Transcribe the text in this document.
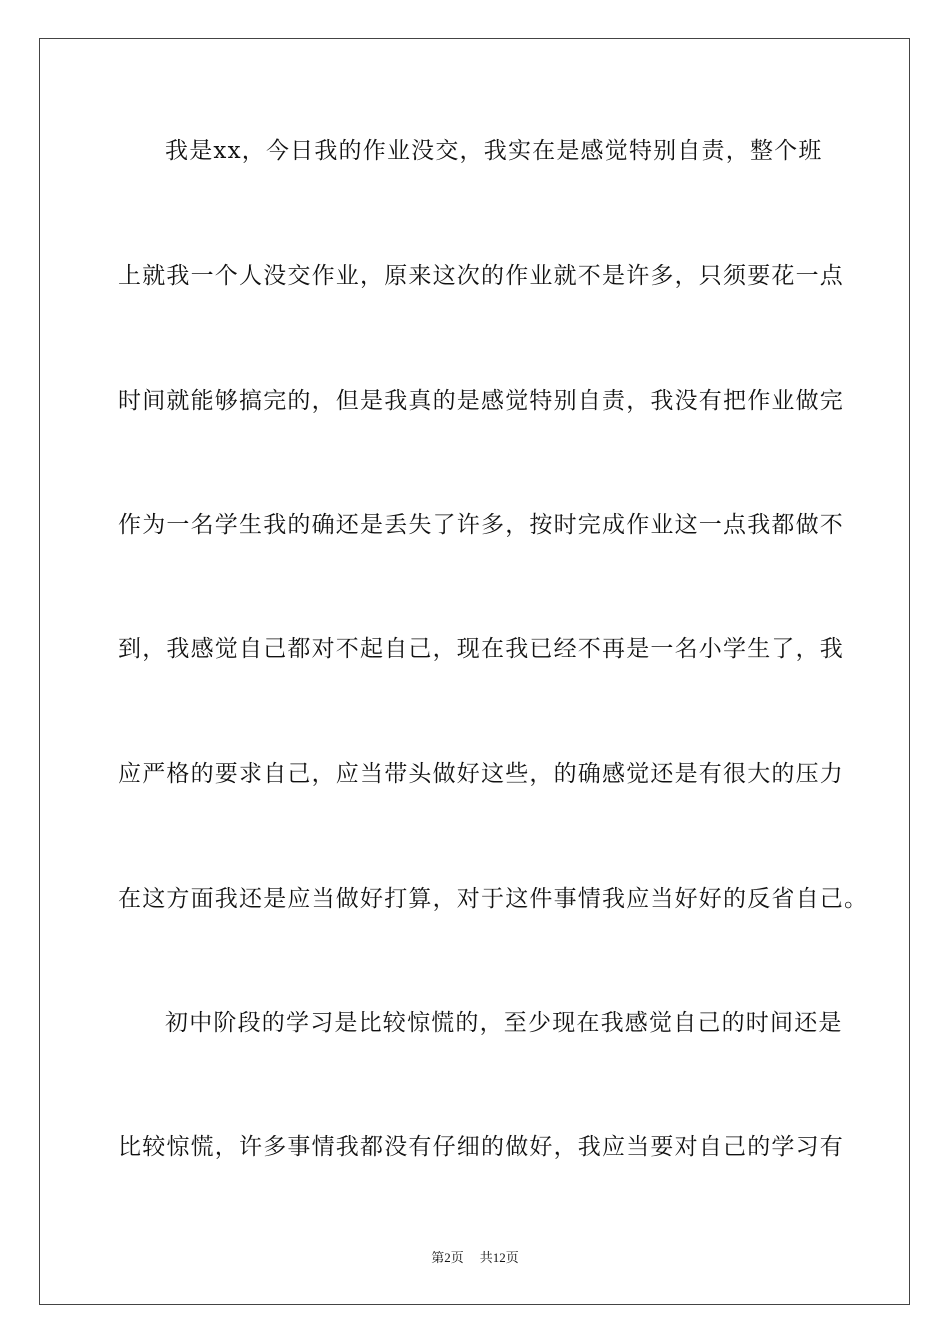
我是xx，今日我的作业没交，我实在是感觉特别自责，整个班
上就我一个人没交作业，原来这次的作业就不是许多，只须要花一点
时间就能够搞完的，但是我真的是感觉特别自责，我没有把作业做完
作为一名学生我的确还是丢失了许多，按时完成作业这一点我都做不
到，我感觉自己都对不起自己，现在我已经不再是一名小学生了，我
应严格的要求自己，应当带头做好这些，的确感觉还是有很大的压力
在这方面我还是应当做好打算，对于这件事情我应当好好的反省自己。
初中阶段的学习是比较惊慌的，至少现在我感觉自己的时间还是
比较惊慌，许多事情我都没有仔细的做好，我应当要对自己的学习有
第2页 共12页
